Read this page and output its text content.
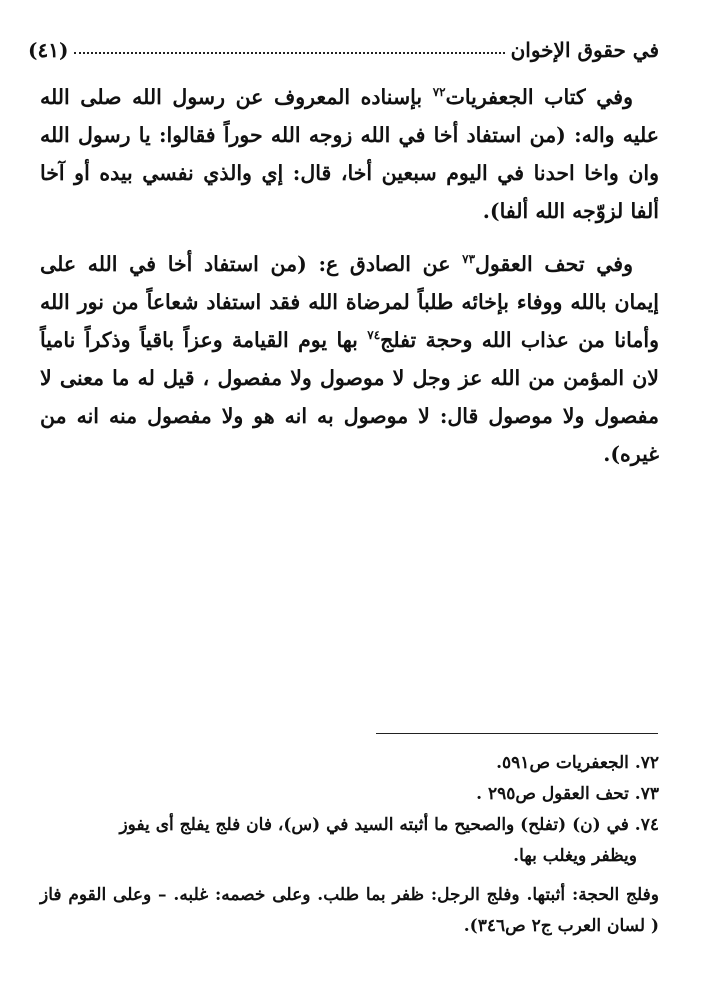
في حقوق الإخوان
(٤١)

وفي كتاب الجعفريات$^{٧٢}$ بإسناده المعروف عن رسول الله صلى الله عليه واله: (من استفاد أخا في الله زوجه الله حوراً فقالوا: يا رسول الله وان واخا احدنا في اليوم سبعين أخا، قال: إي والذي نفسي بيده أو آخا ألفا لزوّجه الله ألفا).

وفي تحف العقول$^{٧٣}$ عن الصادق ع: (من استفاد أخا في الله على إيمان بالله ووفاء بإخائه طلباً لمرضاة الله فقد استفاد شعاعاً من نور الله وأمانا من عذاب الله وحجة تفلج$^{٧٤}$ بها يوم القيامة وعزاً باقياً وذكراً نامياً لان المؤمن من الله عز وجل لا موصول ولا مفصول ، قيل له ما معنى لا مفصول ولا موصول قال: لا موصول به انه هو ولا مفصول منه انه من غيره).

٧٢. الجعفريات ص٥٩١.

٧٣. تحف العقول ص٢٩٥ .

٧٤. في (ن) (تفلح) والصحيح ما أثبته السيد في (س)، فان فلج يفلج أى يفوز

ويظفر ويغلب بها.

وفلج الحجة: أثبتها. وفلج الرجل: ظفر بما طلب. وعلى خصمه: غلبه. – وعلى القوم فاز ( لسان العرب ج٢ ص٣٤٦).
